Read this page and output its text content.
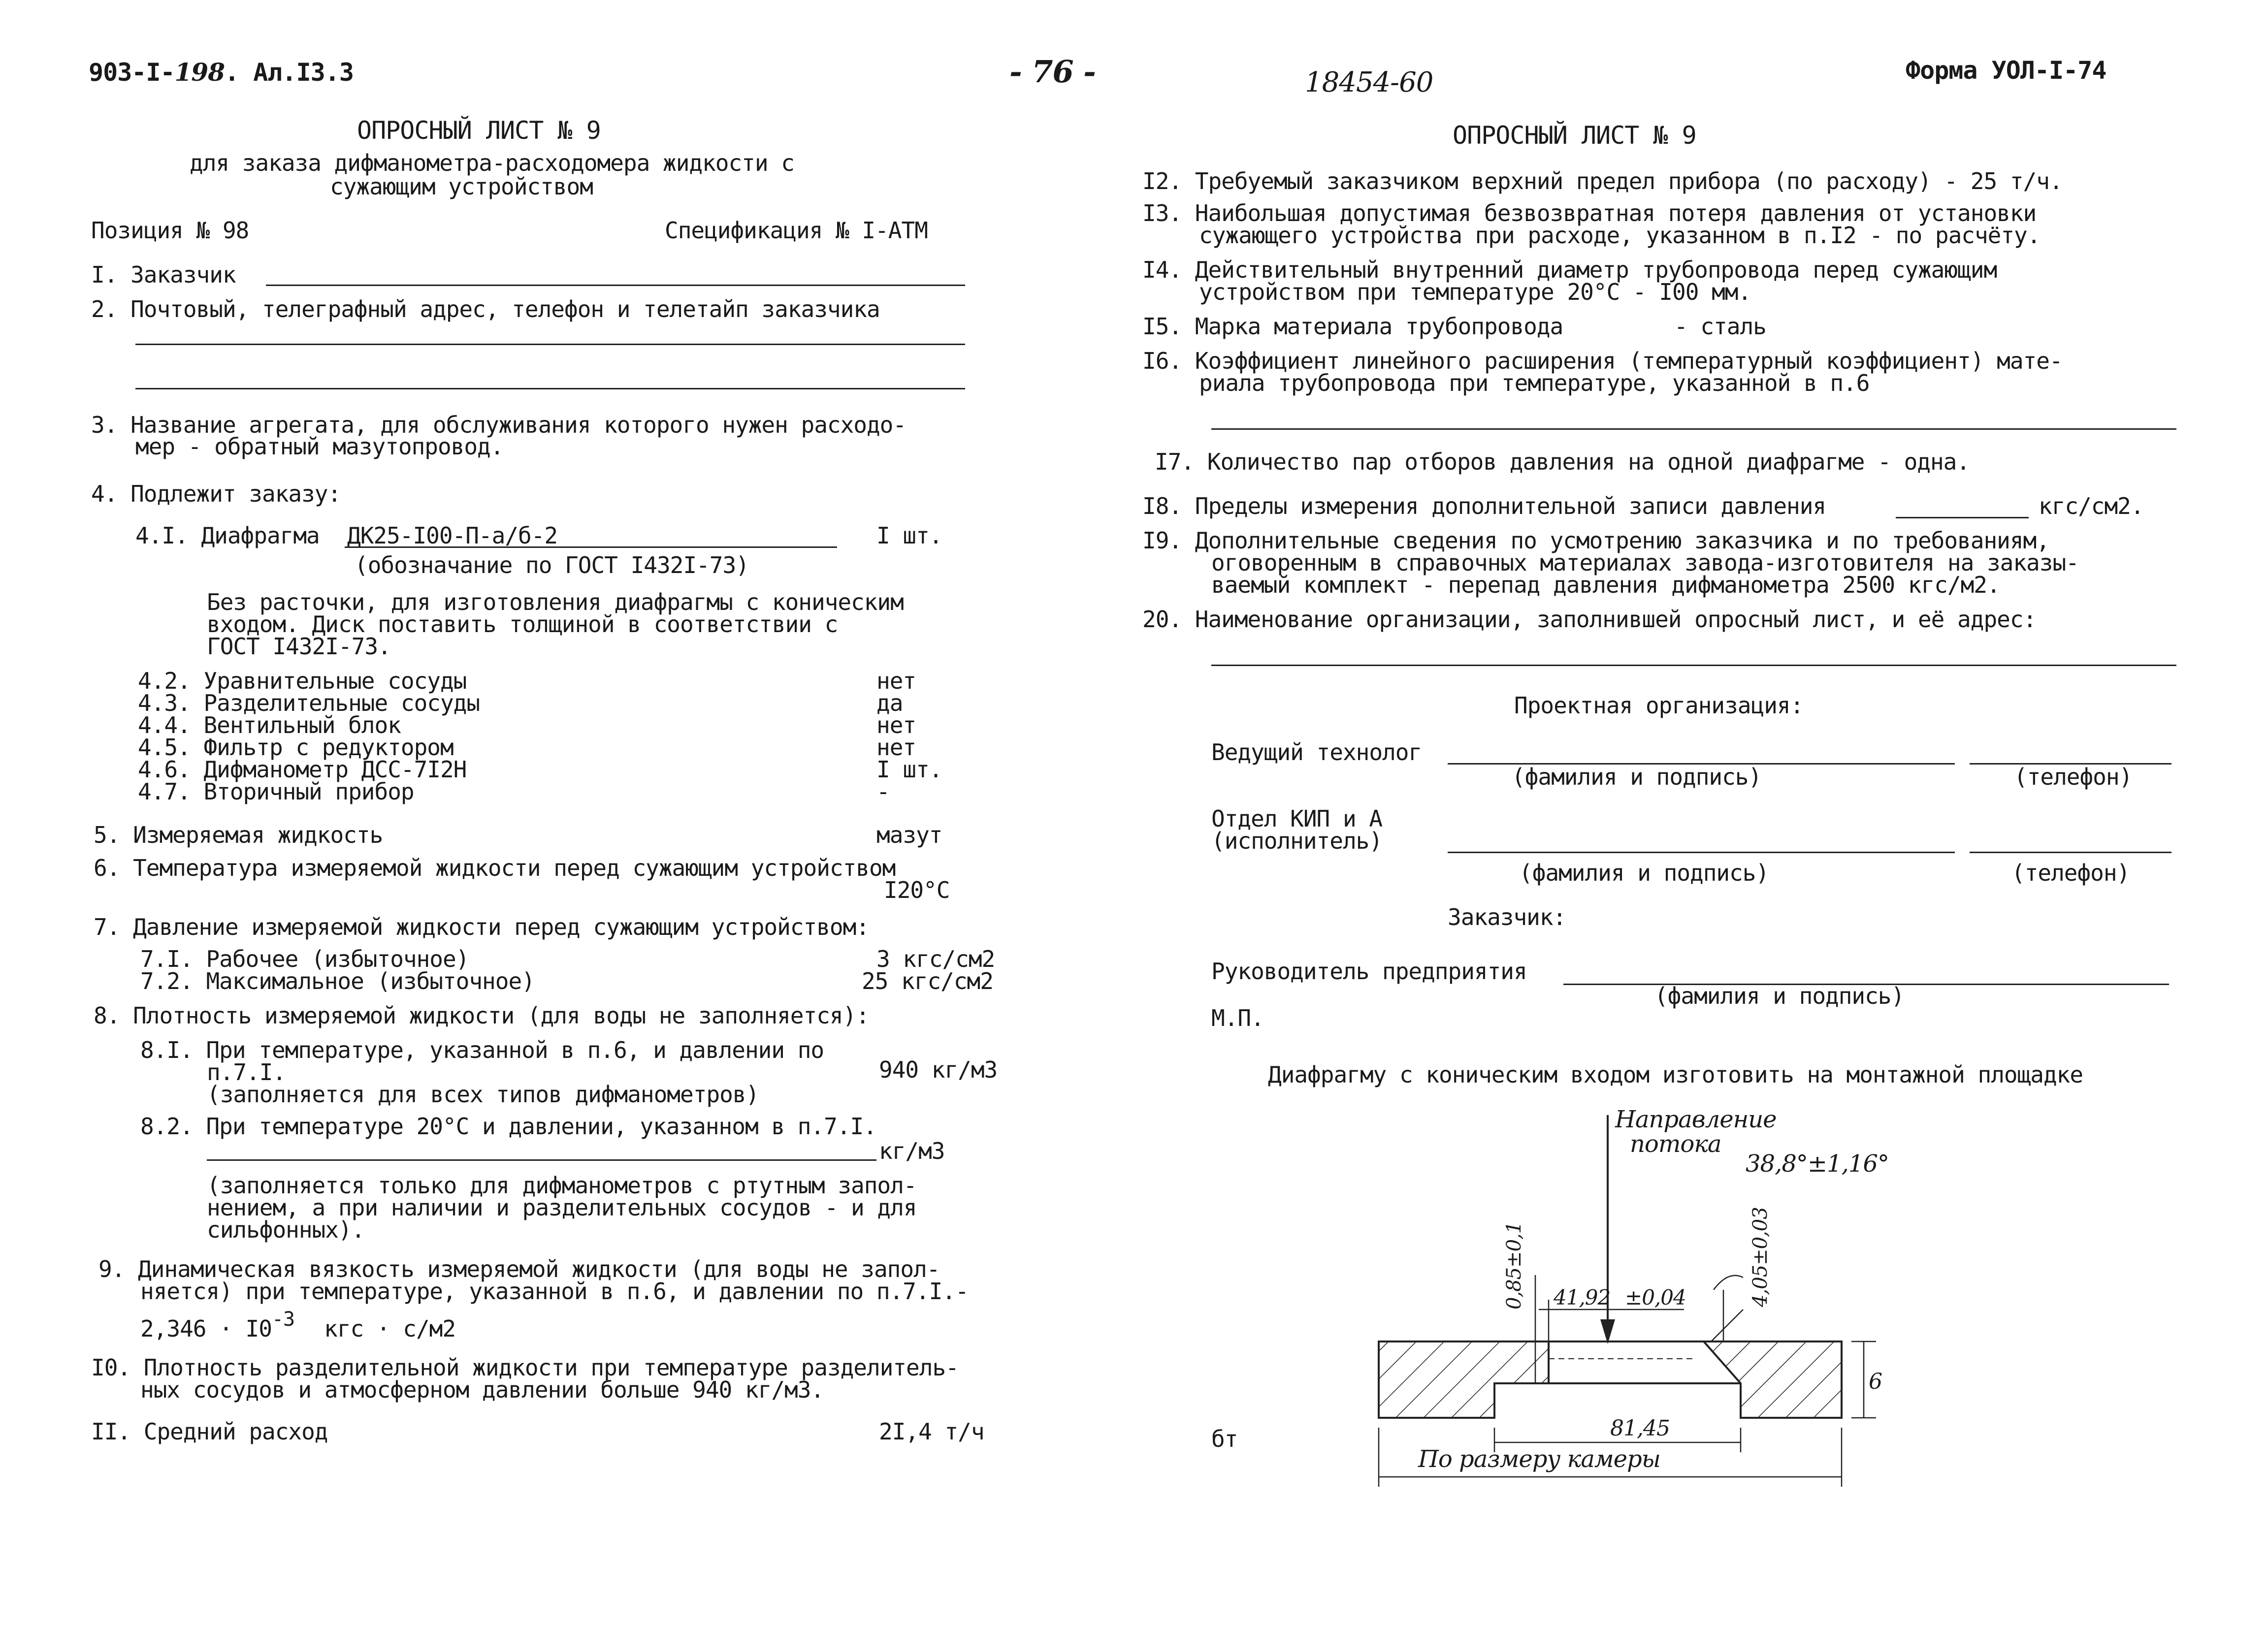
903-I-198. Ал.I3.3	- 76 -	18454-60	Форма УОЛ-I-74
ОПРОСНЫЙ ЛИСТ № 9
для заказа дифманометра-расходомера жидкости с
сужающим устройством
Позиция № 98	Спецификация № I-АТМ
I. Заказчик
2. Почтовый, телеграфный адрес, телефон и телетайп заказчика
3. Название агрегата, для обслуживания которого нужен расходо-
мер - обратный мазутопровод.
4. Подлежит заказу:
4.I. Диафрагма ДК25-I00-П-а/б-2	I шт.
(обозначание по ГОСТ I432I-73)
Без расточки, для изготовления диафрагмы с коническим
входом. Диск поставить толщиной в соответствии с
ГОСТ I432I-73.
4.2. Уравнительные сосуды	нет
4.3. Разделительные сосуды	да
4.4. Вентильный блок	нет
4.5. Фильтр с редуктором	нет
4.6. Дифманометр ДСС-7I2Н	I шт.
4.7. Вторичный прибор	-
5. Измеряемая жидкость	мазут
6. Температура измеряемой жидкости перед сужающим устройством
I20°С
7. Давление измеряемой жидкости перед сужающим устройством:
7.I. Рабочее (избыточное)	3 кгс/см2
7.2. Максимальное (избыточное)	25 кгс/см2
8. Плотность измеряемой жидкости (для воды не заполняется):
8.I. При температуре, указанной в п.6, и давлении по
п.7.I.
(заполняется для всех типов дифманометров)
940 кг/м3
8.2. При температуре 20°С и давлении, указанном в п.7.I.
кг/м3
(заполняется только для дифманометров с ртутным запол-
нением, а при наличии и разделительных сосудов - и для
сильфонных).
9. Динамическая вязкость измеряемой жидкости (для воды не запол-
няется) при температуре, указанной в п.6, и давлении по п.7.I.-
$2,346 \cdot I0^{-3}$ кгс · с/м2
I0. Плотность разделительной жидкости при температуре разделитель-
ных сосудов и атмосферном давлении больше 940 кг/м3.
II. Средний расход	2I,4 т/ч
ОПРОСНЫЙ ЛИСТ № 9
I2. Требуемый заказчиком верхний предел прибора (по расходу) - 25 т/ч.
I3. Наибольшая допустимая безвозвратная потеря давления от установки
сужающего устройства при расходе, указанном в п.I2 - по расчёту.
I4. Действительный внутренний диаметр трубопровода перед сужающим
устройством при температуре 20°С - I00 мм.
I5. Марка материала трубопровода	- сталь
I6. Коэффициент линейного расширения (температурный коэффициент) мате-
риала трубопровода при температуре, указанной в п.6
I7. Количество пар отборов давления на одной диафрагме - одна.
I8. Пределы измерения дополнительной записи давления	кгс/см2.
I9. Дополнительные сведения по усмотрению заказчика и по требованиям,
оговоренным в справочных материалах завода-изготовителя на заказы-
ваемый комплект - перепад давления дифманометра 2500 кгс/м2.
20. Наименование организации, заполнившей опросный лист, и её адрес:
Проектная организация:
Ведущий технолог
(фамилия и подпись)	(телефон)
Отдел КИП и А
(исполнитель)
(фамилия и подпись)	(телефон)
Заказчик:
Руководитель предприятия
(фамилия и подпись)
М.П.
Диафрагму с коническим входом изготовить на монтажной площадке
Направление
потока
38,8°±1,16°
0,85±0,1 41,92 ±0,04	4,05±0,03
6
81,45
По размеру камеры
бт
